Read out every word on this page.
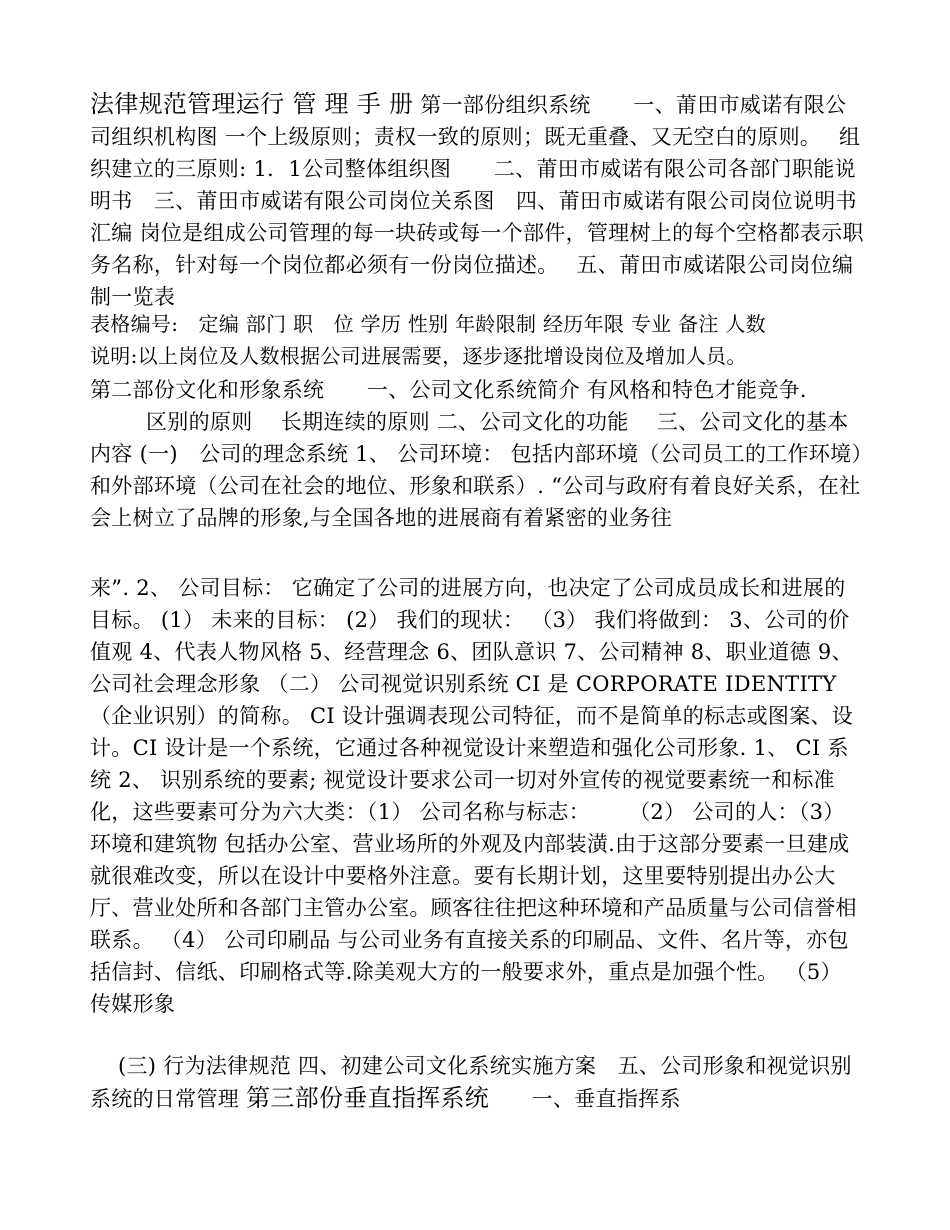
法律规范管理运行 管 理 手 册 第一部份组织系统　　一、莆田市威诺有限公司组织机构图 一个上级原则；责权一致的原则；既无重叠、又无空白的原则。　 组织建立的三原则: 1．1公司整体组织图　　二、莆田市威诺有限公司各部门职能说明书　三、莆田市威诺有限公司岗位关系图　四、莆田市威诺有限公司岗位说明书汇编 岗位是组成公司管理的每一块砖或每一个部件，管理树上的每个空格都表示职务名称，针对每一个岗位都必须有一份岗位描述。　 五、莆田市威诺限公司岗位编制一览表

表格编号:　定编 部门 职　位 学历 性别 年龄限制 经历年限 专业 备注 人数
说明:以上岗位及人数根据公司进展需要，逐步逐批增设岗位及增加人员。

第二部份文化和形象系统　　一、公司文化系统简介 有风格和特色才能竞争.
区别的原则　 长期连续的原则 二、公司文化的功能　 三、公司文化的基本内容 (一)　公司的理念系统 1、 公司环境： 包括内部环境（公司员工的工作环境）和外部环境（公司在社会的地位、形象和联系）. “公司与政府有着良好关系，在社会上树立了品牌的形象,与全国各地的进展商有着紧密的业务往

来”. 2、 公司目标： 它确定了公司的进展方向，也决定了公司成员成长和进展的目标。 (1） 未来的目标： (2） 我们的现状： （3） 我们将做到： 3、公司的价值观 4、代表人物风格 5、经营理念 6、团队意识 7、公司精神 8、职业道德 9、公司社会理念形象 （二） 公司视觉识别系统 CI 是 CORPORATE IDENTITY （企业识别）的简称。 CI 设计强调表现公司特征，而不是简单的标志或图案、设计。CI 设计是一个系统，它通过各种视觉设计来塑造和强化公司形象. 1、 CI 系统 2、 识别系统的要素; 视觉设计要求公司一切对外宣传的视觉要素统一和标准化，这些要素可分为六大类：（1） 公司名称与标志：　　 （2） 公司的人：（3） 环境和建筑物 包括办公室、营业场所的外观及内部装潢.由于这部分要素一旦建成就很难改变，所以在设计中要格外注意。要有长期计划，这里要特别提出办公大厅、营业处所和各部门主管办公室。顾客往往把这种环境和产品质量与公司信誉相联系。 （4） 公司印刷品 与公司业务有直接关系的印刷品、文件、名片等，亦包括信封、信纸、印刷格式等.除美观大方的一般要求外，重点是加强个性。 （5） 传媒形象

(三) 行为法律规范 四、初建公司文化系统实施方案　五、公司形象和视觉识别系统的日常管理 第三部份垂直指挥系统　　一、垂直指挥系
